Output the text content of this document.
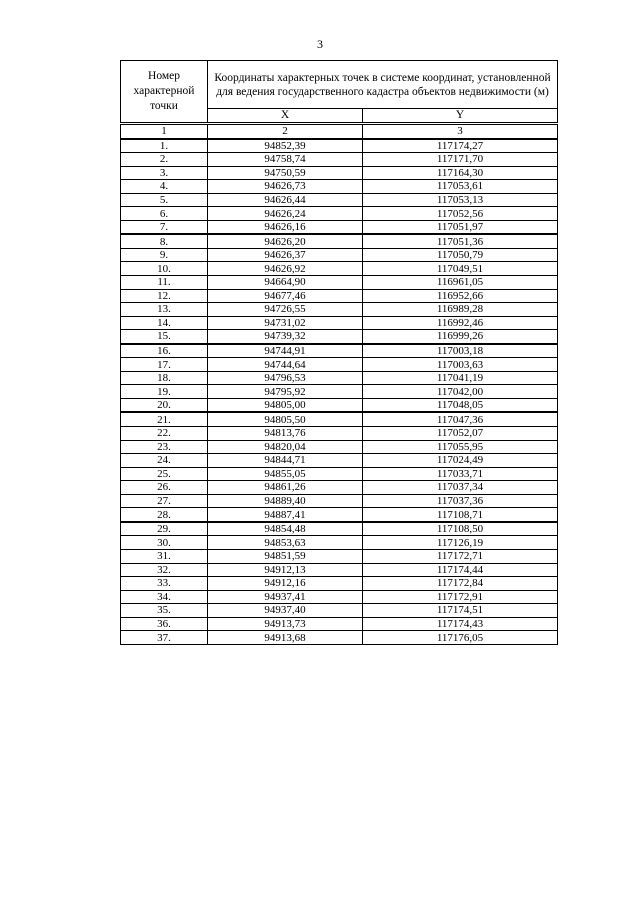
3
Номер характерной точки	Координаты характерных точек в системе координат, установленной для ведения государственного кадастра объектов недвижимости (м)	
	X	Y
1	2	3
1.	94852,39	117174,27
2.	94758,74	117171,70
3.	94750,59	117164,30
4.	94626,73	117053,61
5.	94626,44	117053,13
6.	94626,24	117052,56
7.	94626,16	117051,97
8.	94626,20	117051,36
9.	94626,37	117050,79
10.	94626,92	117049,51
11.	94664,90	116961,05
12.	94677,46	116952,66
13.	94726,55	116989,28
14.	94731,02	116992,46
15.	94739,32	116999,26
16.	94744,91	117003,18
17.	94744,64	117003,63
18.	94796,53	117041,19
19.	94795,92	117042,00
20.	94805,00	117048,05
21.	94805,50	117047,36
22.	94813,76	117052,07
23.	94820,04	117055,95
24.	94844,71	117024,49
25.	94855,05	117033,71
26.	94861,26	117037,34
27.	94889,40	117037,36
28.	94887,41	117108,71
29.	94854,48	117108,50
30.	94853,63	117126,19
31.	94851,59	117172,71
32.	94912,13	117174,44
33.	94912,16	117172,84
34.	94937,41	117172,91
35.	94937,40	117174,51
36.	94913,73	117174,43
37.	94913,68	117176,05
